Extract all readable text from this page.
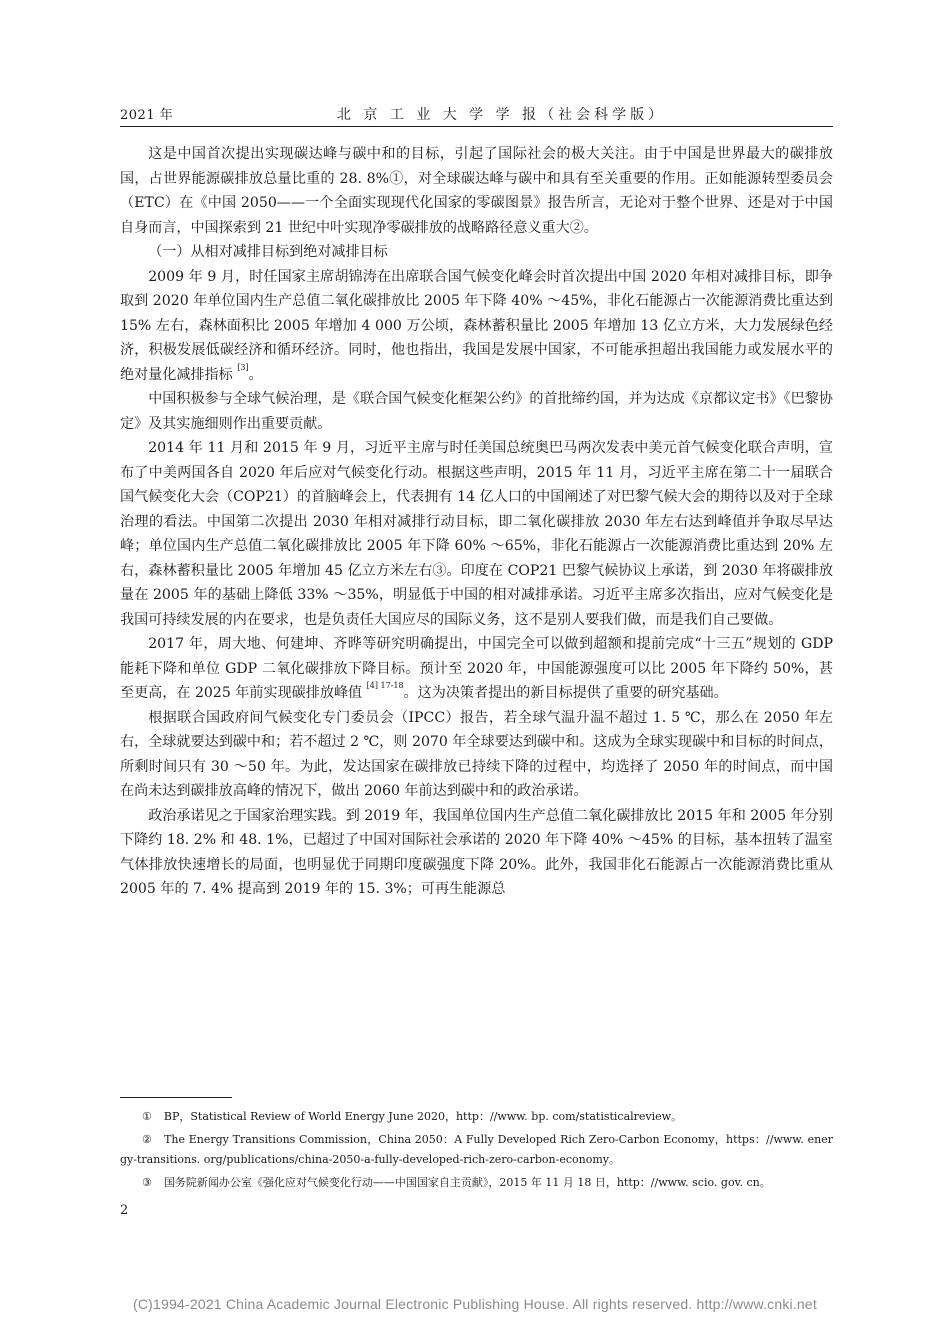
2021 年	北 京 工 业 大 学 学 报（社会科学版）

这是中国首次提出实现碳达峰与碳中和的目标，引起了国际社会的极大关注。由于中国是世界最大的碳排放国，占世界能源碳排放总量比重的 28. 8%①，对全球碳达峰与碳中和具有至关重要的作用。正如能源转型委员会（ETC）在《中国 2050——一个全面实现现代化国家的零碳图景》报告所言，无论对于整个世界、还是对于中国自身而言，中国探索到 21 世纪中叶实现净零碳排放的战略路径意义重大②。

（一）从相对减排目标到绝对减排目标

2009 年 9 月，时任国家主席胡锦涛在出席联合国气候变化峰会时首次提出中国 2020 年相对减排目标，即争取到 2020 年单位国内生产总值二氧化碳排放比 2005 年下降 40% ～45%，非化石能源占一次能源消费比重达到 15% 左右，森林面积比 2005 年增加 4 000 万公顷，森林蓄积量比 2005 年增加 13 亿立方米，大力发展绿色经济，积极发展低碳经济和循环经济。同时，他也指出，我国是发展中国家，不可能承担超出我国能力或发展水平的绝对量化减排指标 [3]。

中国积极参与全球气候治理，是《联合国气候变化框架公约》的首批缔约国，并为达成《京都议定书》《巴黎协定》及其实施细则作出重要贡献。

2014 年 11 月和 2015 年 9 月，习近平主席与时任美国总统奥巴马两次发表中美元首气候变化联合声明，宣布了中美两国各自 2020 年后应对气候变化行动。根据这些声明，2015 年 11 月，习近平主席在第二十一届联合国气候变化大会（COP21）的首脑峰会上，代表拥有 14 亿人口的中国阐述了对巴黎气候大会的期待以及对于全球治理的看法。中国第二次提出 2030 年相对减排行动目标，即二氧化碳排放 2030 年左右达到峰值并争取尽早达峰；单位国内生产总值二氧化碳排放比 2005 年下降 60% ～65%，非化石能源占一次能源消费比重达到 20% 左右，森林蓄积量比 2005 年增加 45 亿立方米左右③。印度在 COP21 巴黎气候协议上承诺，到 2030 年将碳排放量在 2005 年的基础上降低 33% ～35%，明显低于中国的相对减排承诺。习近平主席多次指出，应对气候变化是我国可持续发展的内在要求，也是负责任大国应尽的国际义务，这不是别人要我们做，而是我们自己要做。

2017 年，周大地、何建坤、齐晔等研究明确提出，中国完全可以做到超额和提前完成“十三五”规划的 GDP 能耗下降和单位 GDP 二氧化碳排放下降目标。预计至 2020 年，中国能源强度可以比 2005 年下降约 50%，甚至更高，在 2025 年前实现碳排放峰值 $^{[4] 17-18}$。这为决策者提出的新目标提供了重要的研究基础。

根据联合国政府间气候变化专门委员会（IPCC）报告，若全球气温升温不超过 1. 5 ℃，那么在 2050 年左右，全球就要达到碳中和；若不超过 2 ℃，则 2070 年全球要达到碳中和。这成为全球实现碳中和目标的时间点，所剩时间只有 30 ～50 年。为此，发达国家在碳排放已持续下降的过程中，均选择了 2050 年的时间点，而中国在尚未达到碳排放高峰的情况下，做出 2060 年前达到碳中和的政治承诺。

政治承诺见之于国家治理实践。到 2019 年，我国单位国内生产总值二氧化碳排放比 2015 年和 2005 年分别下降约 18. 2% 和 48. 1%，已超过了中国对国际社会承诺的 2020 年下降 40% ～45% 的目标，基本扭转了温室气体排放快速增长的局面，也明显优于同期印度碳强度下降 20%。此外，我国非化石能源占一次能源消费比重从 2005 年的 7. 4% 提高到 2019 年的 15. 3%；可再生能源总

① BP，Statistical Review of World Energy June 2020，http：//www. bp. com/statisticalreview。

② The Energy Transitions Commission，China 2050：A Fully Developed Rich Zero-Carbon Economy，https：//www. energy-transitions. org/publications/china-2050-a-fully-developed-rich-zero-carbon-economy。

③ 国务院新闻办公室《强化应对气候变化行动——中国国家自主贡献》，2015 年 11 月 18 日，http：//www. scio. gov. cn。

2
(C)1994-2021 China Academic Journal Electronic Publishing House. All rights reserved. http://www.cnki.net
